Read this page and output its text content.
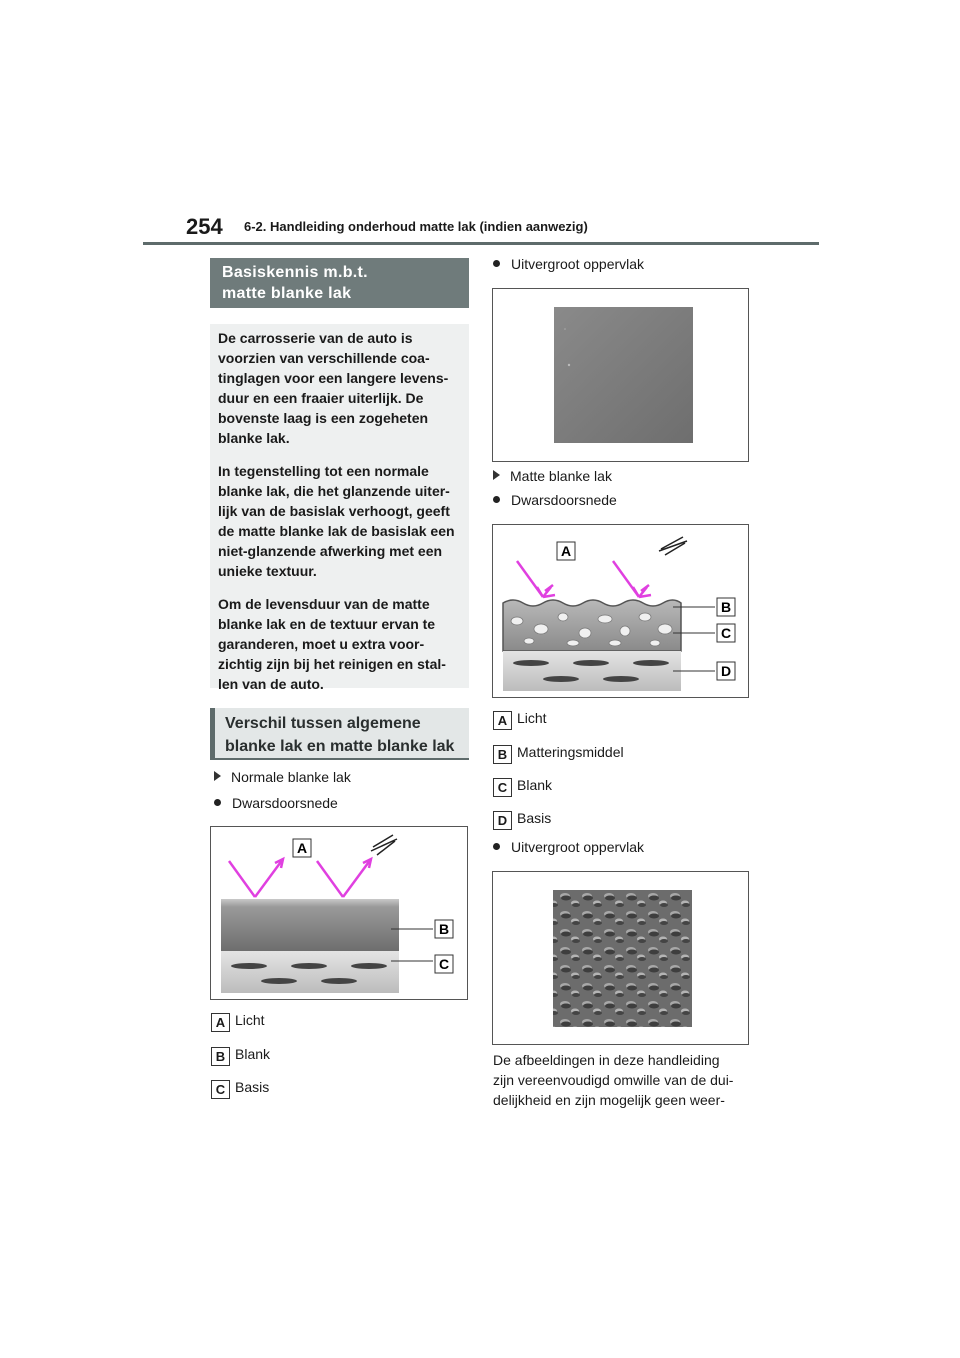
254 6-2. Handleiding onderhoud matte lak (indien aanwezig)
Basiskennis m.b.t.
matte blanke lak

De carrosserie van de auto is voorzien van verschillende coa-tinglagen voor een langere levens-duur en een fraaier uiterlijk. De bovenste laag is een zogeheten blanke lak.

In tegenstelling tot een normale blanke lak, die het glanzende uiter-lijk van de basislak verhoogt, geeft de matte blanke lak de basislak een niet-glanzende afwerking met een unieke textuur.

Om de levensduur van de matte blanke lak en de textuur ervan te garanderen, moet u extra voor-zichtig zijn bij het reinigen en stal-len van de auto.

Verschil tussen algemene
blanke lak en matte blanke lak
Normale blanke lak
Dwarsdoorsnede
A
B
C
A Licht
B Blank
C Basis
Uitvergroot oppervlak
Matte blanke lak
Dwarsdoorsnede
A
B
C
D
A Licht
B Matteringsmiddel
C Blank
D Basis
Uitvergroot oppervlak
De afbeeldingen in deze handleiding
zijn vereenvoudigd omwille van de dui-
delijkheid en zijn mogelijk geen weer-
